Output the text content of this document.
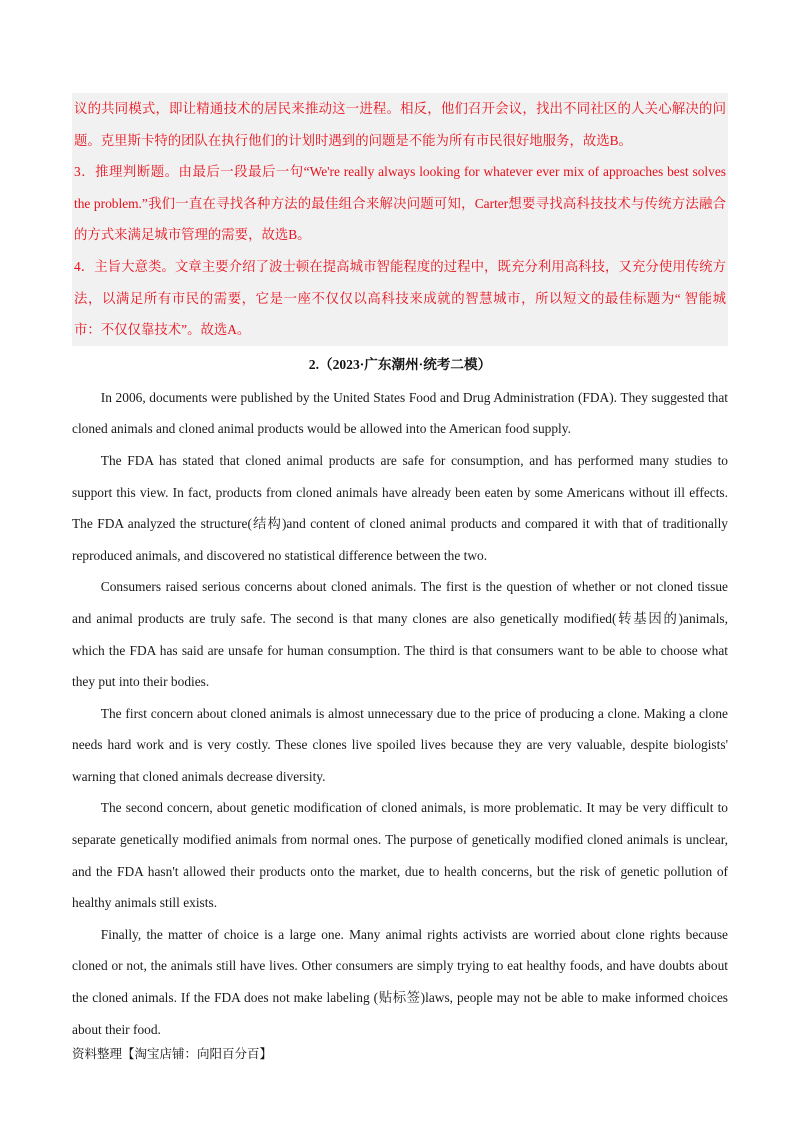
议的共同模式，即让精通技术的居民来推动这一进程。相反，他们召开会议，找出不同社区的人关心解决的问题。克里斯卡特的团队在执行他们的计划时遇到的问题是不能为所有市民很好地服务，故选B。

3．推理判断题。由最后一段最后一句“We're really always looking for whatever ever mix of approaches best solves the problem.”我们一直在寻找各种方法的最佳组合来解决问题可知，Carter想要寻找高科技技术与传统方法融合的方式来满足城市管理的需要，故选B。

4．主旨大意类。文章主要介绍了波士顿在提高城市智能程度的过程中，既充分利用高科技，又充分使用传统方法，以满足所有市民的需要，它是一座不仅仅以高科技来成就的智慧城市，所以短文的最佳标题为“ 智能城市：不仅仅靠技术”。故选A。

2.（2023·广东潮州·统考二模）

In 2006, documents were published by the United States Food and Drug Administration (FDA). They suggested that cloned animals and cloned animal products would be allowed into the American food supply.

The FDA has stated that cloned animal products are safe for consumption, and has performed many studies to support this view. In fact, products from cloned animals have already been eaten by some Americans without ill effects. The FDA analyzed the structure(结构)and content of cloned animal products and compared it with that of traditionally reproduced animals, and discovered no statistical difference between the two.

Consumers raised serious concerns about cloned animals. The first is the question of whether or not cloned tissue and animal products are truly safe. The second is that many clones are also genetically modified(转基因的)animals, which the FDA has said are unsafe for human consumption. The third is that consumers want to be able to choose what they put into their bodies.

The first concern about cloned animals is almost unnecessary due to the price of producing a clone. Making a clone needs hard work and is very costly. These clones live spoiled lives because they are very valuable, despite biologists' warning that cloned animals decrease diversity.

The second concern, about genetic modification of cloned animals, is more problematic. It may be very difficult to separate genetically modified animals from normal ones. The purpose of genetically modified cloned animals is unclear, and the FDA hasn't allowed their products onto the market, due to health concerns, but the risk of genetic pollution of healthy animals still exists.

Finally, the matter of choice is a large one. Many animal rights activists are worried about clone rights because cloned or not, the animals still have lives. Other consumers are simply trying to eat healthy foods, and have doubts about the cloned animals. If the FDA does not make labeling (贴标签)laws, people may not be able to make informed choices about their food.

资料整理【淘宝店铺：向阳百分百】
